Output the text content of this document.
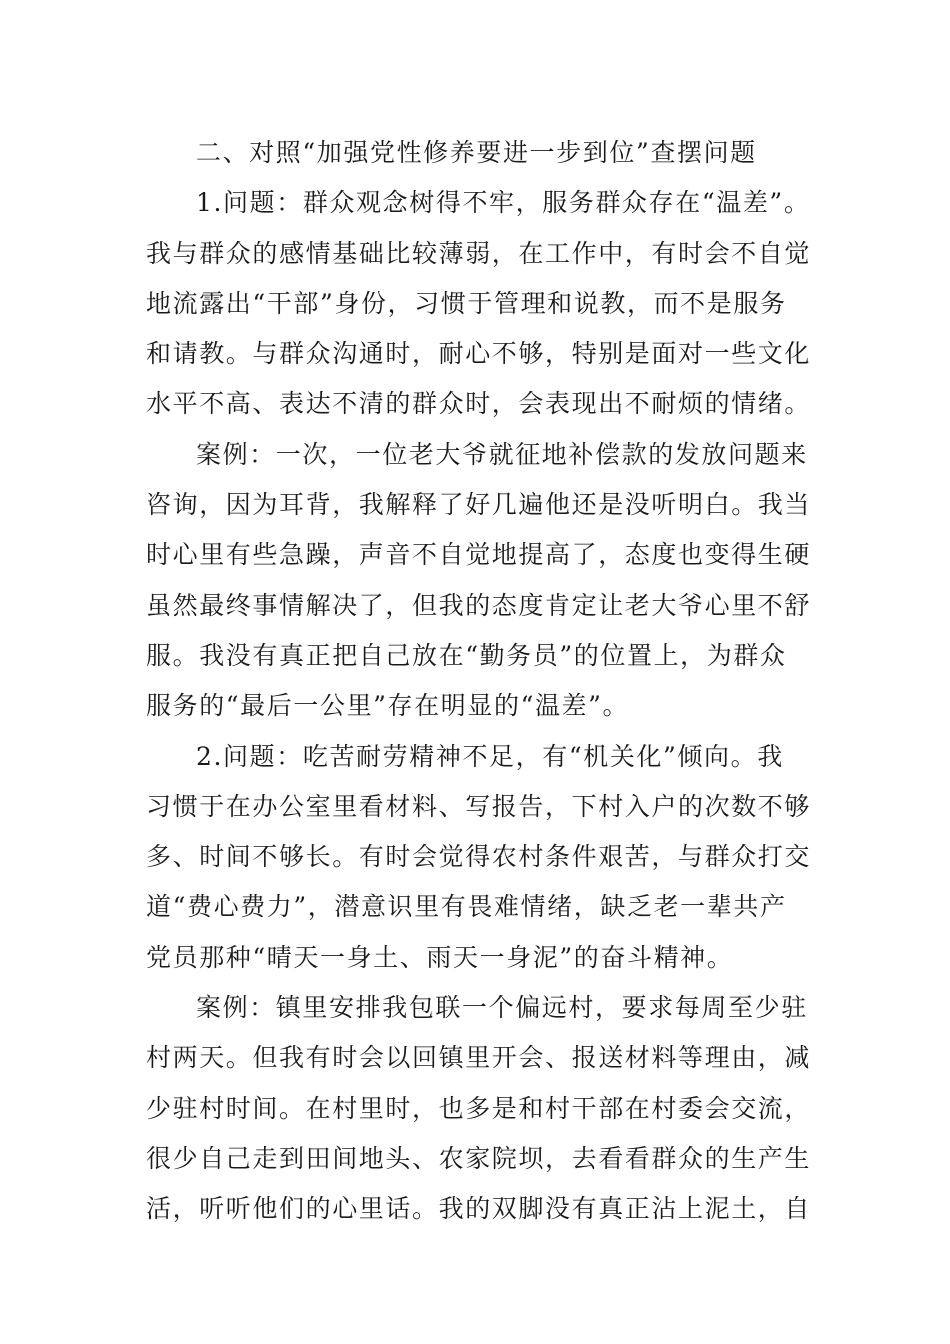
二、对照“加强党性修养要进一步到位”查摆问题
1.问题：群众观念树得不牢，服务群众存在“温差”。
我与群众的感情基础比较薄弱，在工作中，有时会不自觉
地流露出“干部”身份，习惯于管理和说教，而不是服务
和请教。与群众沟通时，耐心不够，特别是面对一些文化
水平不高、表达不清的群众时，会表现出不耐烦的情绪。
案例：一次，一位老大爷就征地补偿款的发放问题来
咨询，因为耳背，我解释了好几遍他还是没听明白。我当
时心里有些急躁，声音不自觉地提高了，态度也变得生硬
虽然最终事情解决了，但我的态度肯定让老大爷心里不舒
服。我没有真正把自己放在“勤务员”的位置上，为群众
服务的“最后一公里”存在明显的“温差”。
2.问题：吃苦耐劳精神不足，有“机关化”倾向。我
习惯于在办公室里看材料、写报告，下村入户的次数不够
多、时间不够长。有时会觉得农村条件艰苦，与群众打交
道“费心费力”，潜意识里有畏难情绪，缺乏老一辈共产
党员那种“晴天一身土、雨天一身泥”的奋斗精神。
案例：镇里安排我包联一个偏远村，要求每周至少驻
村两天。但我有时会以回镇里开会、报送材料等理由，减
少驻村时间。在村里时，也多是和村干部在村委会交流，
很少自己走到田间地头、农家院坝，去看看群众的生产生
活，听听他们的心里话。我的双脚没有真正沾上泥土，自
